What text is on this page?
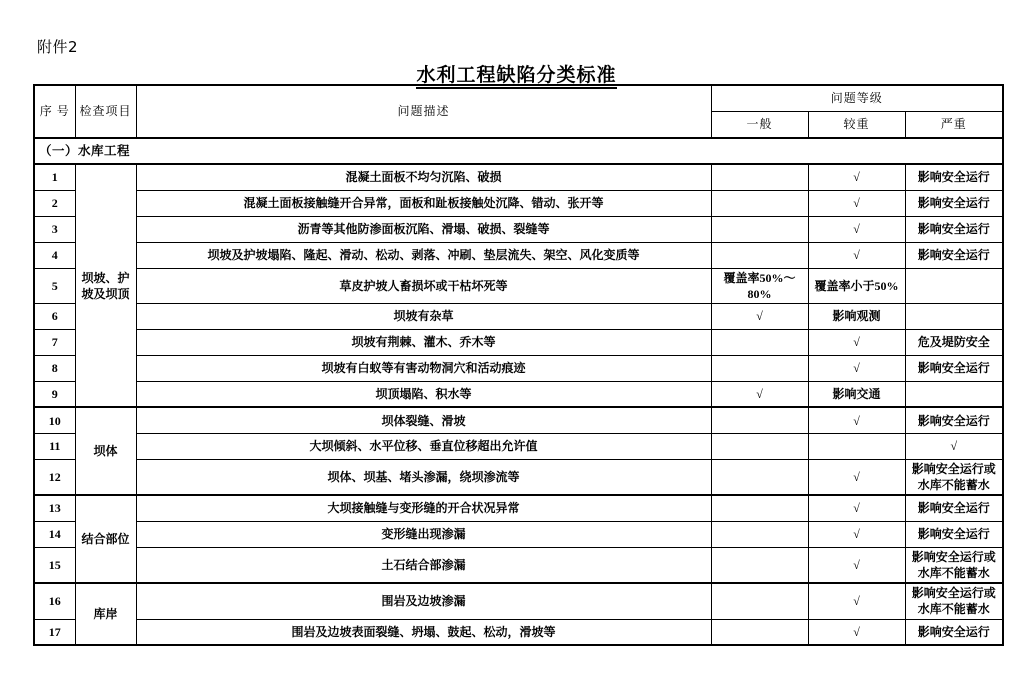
附件2
水利工程缺陷分类标准
序 号	检查项目	问题描述	问题等级		
			一般	较重	严重
（一）水库工程					
1	坝坡、护坡及坝顶	混凝土面板不均匀沉陷、破损		√	影响安全运行
2		混凝土面板接触缝开合异常，面板和趾板接触处沉降、错动、张开等		√	影响安全运行
3		沥青等其他防渗面板沉陷、滑塌、破损、裂缝等		√	影响安全运行
4		坝坡及护坡塌陷、隆起、滑动、松动、剥落、冲刷、垫层流失、架空、风化变质等		√	影响安全运行
5		草皮护坡人畜损坏或干枯坏死等	覆盖率50%～80%	覆盖率小于50%	
6		坝坡有杂草	√	影响观测	
7		坝坡有荆棘、灌木、乔木等		√	危及堤防安全
8		坝坡有白蚁等有害动物洞穴和活动痕迹		√	影响安全运行
9		坝顶塌陷、积水等	√	影响交通	
10	坝体	坝体裂缝、滑坡		√	影响安全运行
11		大坝倾斜、水平位移、垂直位移超出允许值			√
12		坝体、坝基、堵头渗漏，绕坝渗流等		√	影响安全运行或水库不能蓄水
13	结合部位	大坝接触缝与变形缝的开合状况异常		√	影响安全运行
14		变形缝出现渗漏		√	影响安全运行
15		土石结合部渗漏		√	影响安全运行或水库不能蓄水
16	库岸	围岩及边坡渗漏		√	影响安全运行或水库不能蓄水
17		围岩及边坡表面裂缝、坍塌、鼓起、松动，滑坡等		√	影响安全运行
